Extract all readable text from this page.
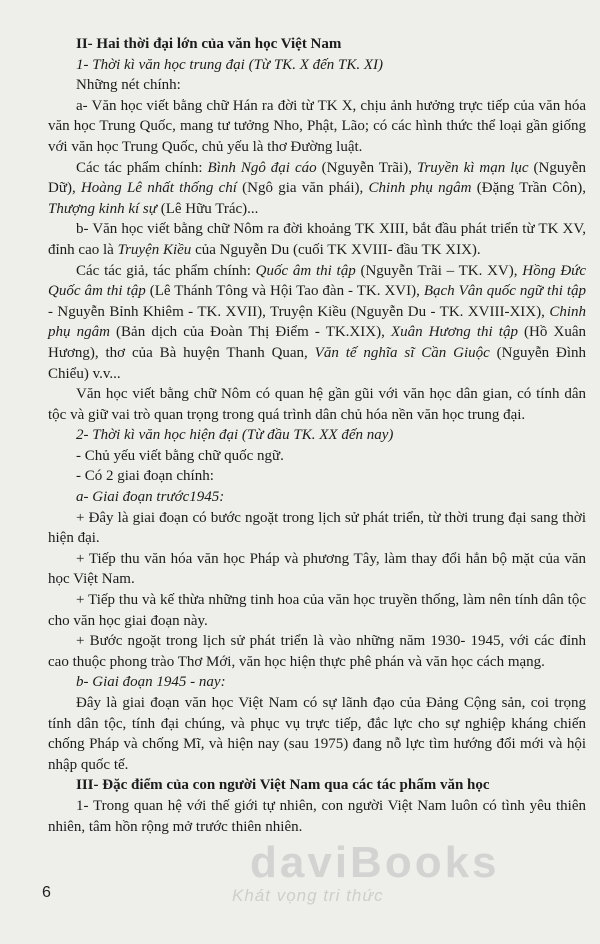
II- Hai thời đại lớn của văn học Việt Nam

1- Thời kì văn học trung đại (Từ TK. X đến TK. XI)

Những nét chính:

a- Văn học viết bằng chữ Hán ra đời từ TK X, chịu ảnh hưởng trực tiếp của văn hóa văn học Trung Quốc, mang tư tưởng Nho, Phật, Lão; có các hình thức thể loại gần giống với văn học Trung Quốc, chủ yếu là thơ Đường luật.

Các tác phẩm chính: Bình Ngô đại cáo (Nguyễn Trãi), Truyền kì mạn lục (Nguyễn Dữ), Hoàng Lê nhất thống chí (Ngô gia văn phái), Chinh phụ ngâm (Đặng Trần Côn), Thượng kinh kí sự (Lê Hữu Trác)...

b- Văn học viết bằng chữ Nôm ra đời khoảng TK XIII, bắt đầu phát triển từ TK XV, đỉnh cao là Truyện Kiều của Nguyễn Du (cuối TK XVIII- đầu TK XIX).

Các tác giả, tác phẩm chính: Quốc âm thi tập (Nguyễn Trãi – TK. XV), Hồng Đức Quốc âm thi tập (Lê Thánh Tông và Hội Tao đàn - TK. XVI), Bạch Vân quốc ngữ thi tập - Nguyễn Bỉnh Khiêm - TK. XVII), Truyện Kiều (Nguyễn Du - TK. XVIII-XIX), Chinh phụ ngâm (Bản dịch của Đoàn Thị Điểm - TK.XIX), Xuân Hương thi tập (Hồ Xuân Hương), thơ của Bà huyện Thanh Quan, Văn tế nghĩa sĩ Cần Giuộc (Nguyễn Đình Chiểu) v.v...

Văn học viết bằng chữ Nôm có quan hệ gần gũi với văn học dân gian, có tính dân tộc và giữ vai trò quan trọng trong quá trình dân chủ hóa nền văn học trung đại.

2- Thời kì văn học hiện đại (Từ đầu TK. XX đến nay)

- Chủ yếu viết bằng chữ quốc ngữ.

- Có 2 giai đoạn chính:

a- Giai đoạn trước1945:

+ Đây là giai đoạn có bước ngoặt trong lịch sử phát triển, từ thời trung đại sang thời hiện đại.

+ Tiếp thu văn hóa văn học Pháp và phương Tây, làm thay đổi hẳn bộ mặt của văn học Việt Nam.

+ Tiếp thu và kế thừa những tinh hoa của văn học truyền thống, làm nên tính dân tộc cho văn học giai đoạn này.

+ Bước ngoặt trong lịch sử phát triển là vào những năm 1930- 1945, với các đỉnh cao thuộc phong trào Thơ Mới, văn học hiện thực phê phán và văn học cách mạng.

b- Giai đoạn 1945 - nay:

Đây là giai đoạn văn học Việt Nam có sự lãnh đạo của Đảng Cộng sản, coi trọng tính dân tộc, tính đại chúng, và phục vụ trực tiếp, đắc lực cho sự nghiệp kháng chiến chống Pháp và chống Mĩ, và hiện nay (sau 1975) đang nỗ lực tìm hướng đổi mới và hội nhập quốc tế.

III- Đặc điểm của con người Việt Nam qua các tác phẩm văn học

1- Trong quan hệ với thế giới tự nhiên, con người Việt Nam luôn có tình yêu thiên nhiên, tâm hồn rộng mở trước thiên nhiên.

6
daviBooks
Khát vọng tri thức
